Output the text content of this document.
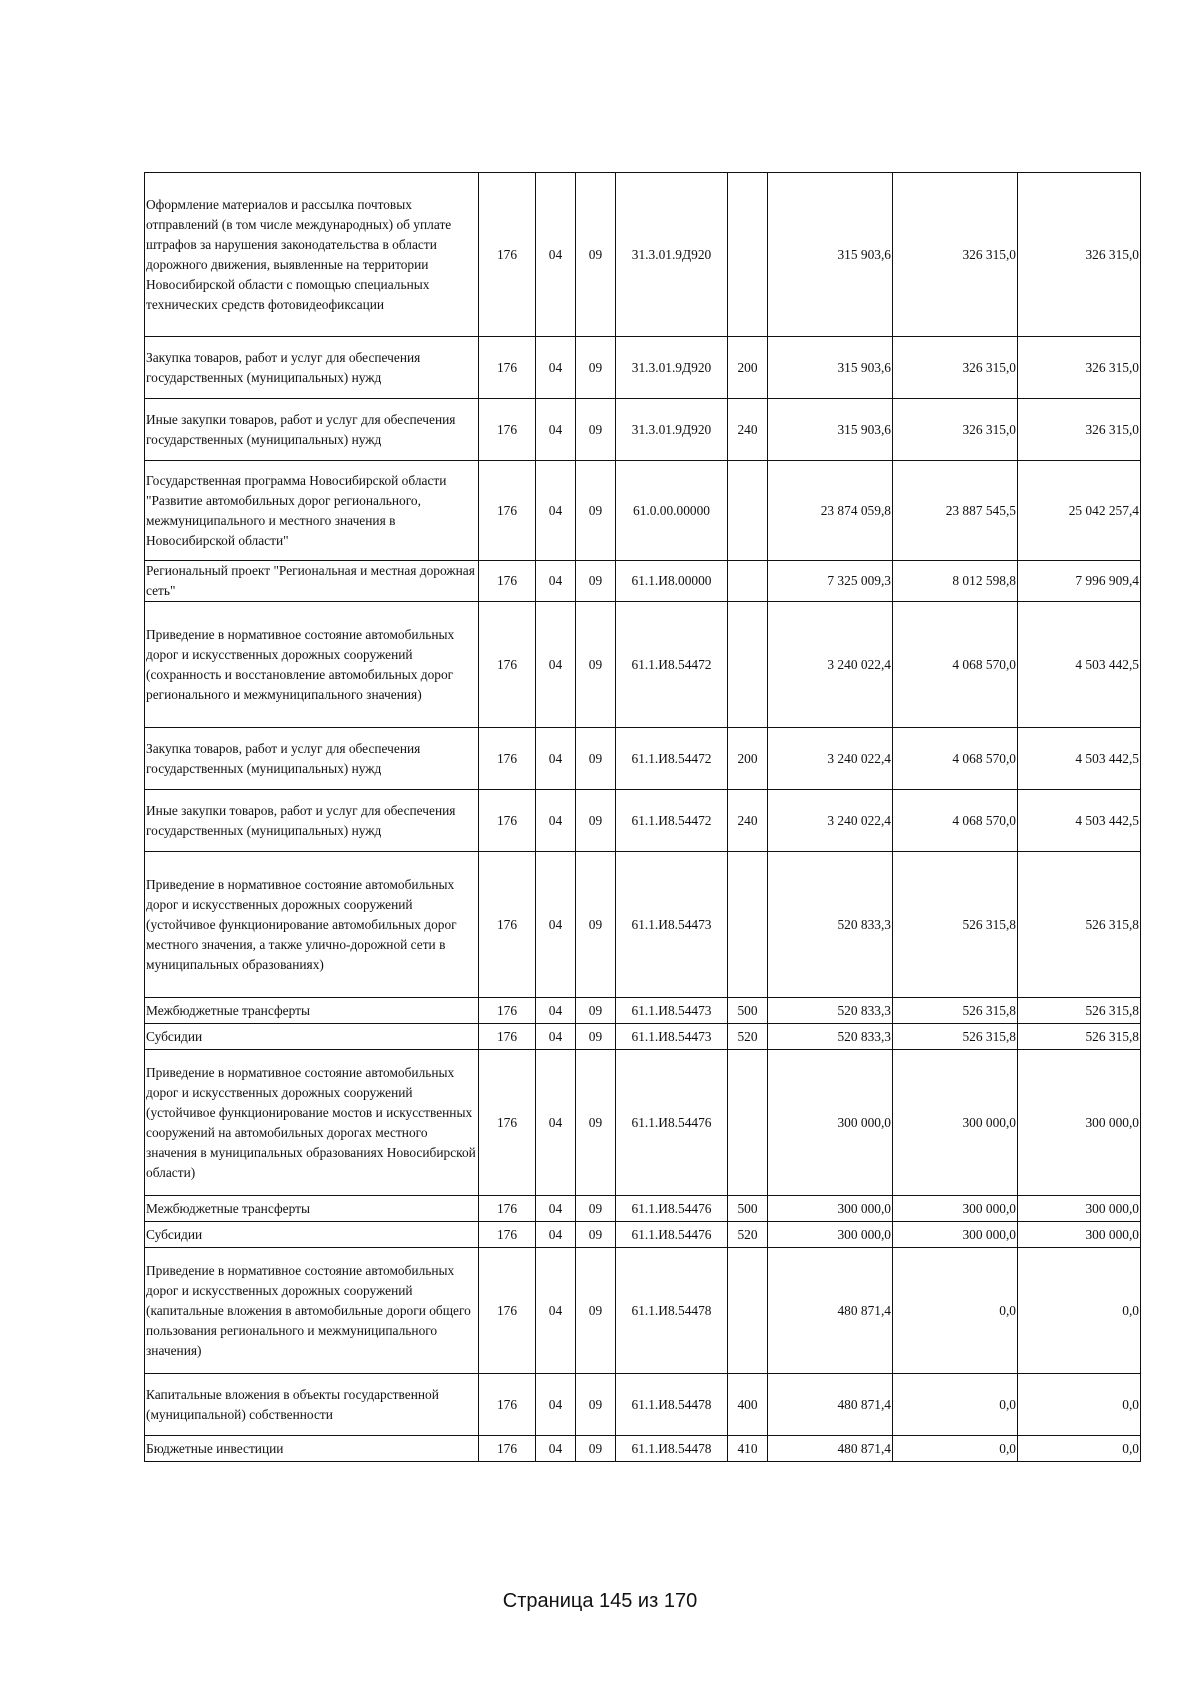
Оформление материалов и рассылка почтовых отправлений (в том числе международных) об уплате штрафов за нарушения законодательства в области дорожного движения, выявленные на территории Новосибирской области с помощью специальных технических средств фотовидеофиксации	176	04	09	31.3.01.9Д920		315 903,6	326 315,0	326 315,0
Закупка товаров, работ и услуг для обеспечения государственных (муниципальных) нужд	176	04	09	31.3.01.9Д920	200	315 903,6	326 315,0	326 315,0
Иные закупки товаров, работ и услуг для обеспечения государственных (муниципальных) нужд	176	04	09	31.3.01.9Д920	240	315 903,6	326 315,0	326 315,0
Государственная программа Новосибирской области "Развитие автомобильных дорог регионального, межмуниципального и местного значения в Новосибирской области"	176	04	09	61.0.00.00000		23 874 059,8	23 887 545,5	25 042 257,4
Региональный проект "Региональная и местная дорожная сеть"	176	04	09	61.1.И8.00000		7 325 009,3	8 012 598,8	7 996 909,4
Приведение в нормативное состояние автомобильных дорог и искусственных дорожных сооружений (сохранность и восстановление автомобильных дорог регионального и межмуниципального значения)	176	04	09	61.1.И8.54472		3 240 022,4	4 068 570,0	4 503 442,5
Закупка товаров, работ и услуг для обеспечения государственных (муниципальных) нужд	176	04	09	61.1.И8.54472	200	3 240 022,4	4 068 570,0	4 503 442,5
Иные закупки товаров, работ и услуг для обеспечения государственных (муниципальных) нужд	176	04	09	61.1.И8.54472	240	3 240 022,4	4 068 570,0	4 503 442,5
Приведение в нормативное состояние автомобильных дорог и искусственных дорожных сооружений (устойчивое функционирование автомобильных дорог местного значения, а также улично-дорожной сети в муниципальных образованиях)	176	04	09	61.1.И8.54473		520 833,3	526 315,8	526 315,8
Межбюджетные трансферты	176	04	09	61.1.И8.54473	500	520 833,3	526 315,8	526 315,8
Субсидии	176	04	09	61.1.И8.54473	520	520 833,3	526 315,8	526 315,8
Приведение в нормативное состояние автомобильных дорог и искусственных дорожных сооружений (устойчивое функционирование мостов и искусственных сооружений на автомобильных дорогах местного значения в муниципальных образованиях Новосибирской области)	176	04	09	61.1.И8.54476		300 000,0	300 000,0	300 000,0
Межбюджетные трансферты	176	04	09	61.1.И8.54476	500	300 000,0	300 000,0	300 000,0
Субсидии	176	04	09	61.1.И8.54476	520	300 000,0	300 000,0	300 000,0
Приведение в нормативное состояние автомобильных дорог и искусственных дорожных сооружений (капитальные вложения в автомобильные дороги общего пользования регионального и межмуниципального значения)	176	04	09	61.1.И8.54478		480 871,4	0,0	0,0
Капитальные вложения в объекты государственной (муниципальной) собственности	176	04	09	61.1.И8.54478	400	480 871,4	0,0	0,0
Бюджетные инвестиции	176	04	09	61.1.И8.54478	410	480 871,4	0,0	0,0
Страница 145 из 170
